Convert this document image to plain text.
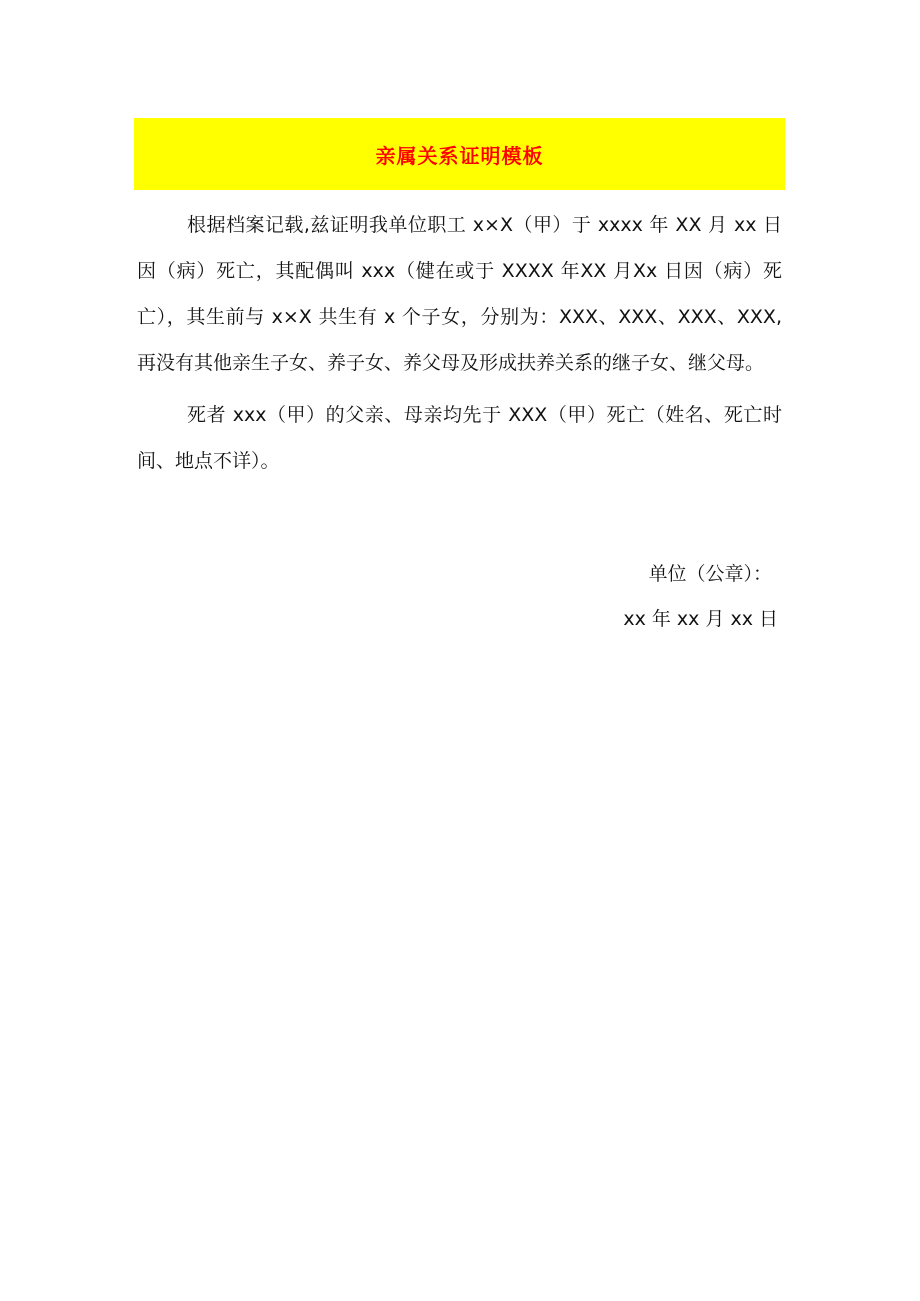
亲属关系证明模板

根据档案记载,兹证明我单位职工 x×X（甲）于 xxxx 年 XX 月 xx 日因（病）死亡，其配偶叫 xxx（健在或于 XXXX 年XX 月Xx 日因（病）死亡），其生前与 x×X 共生有 x 个子女，分别为：XXX、XXX、XXX、XXX,再没有其他亲生子女、养子女、养父母及形成扶养关系的继子女、继父母。

死者 xxx（甲）的父亲、母亲均先于 XXX（甲）死亡（姓名、死亡时间、地点不详）。

单位（公章）：
xx 年 xx 月 xx 日
